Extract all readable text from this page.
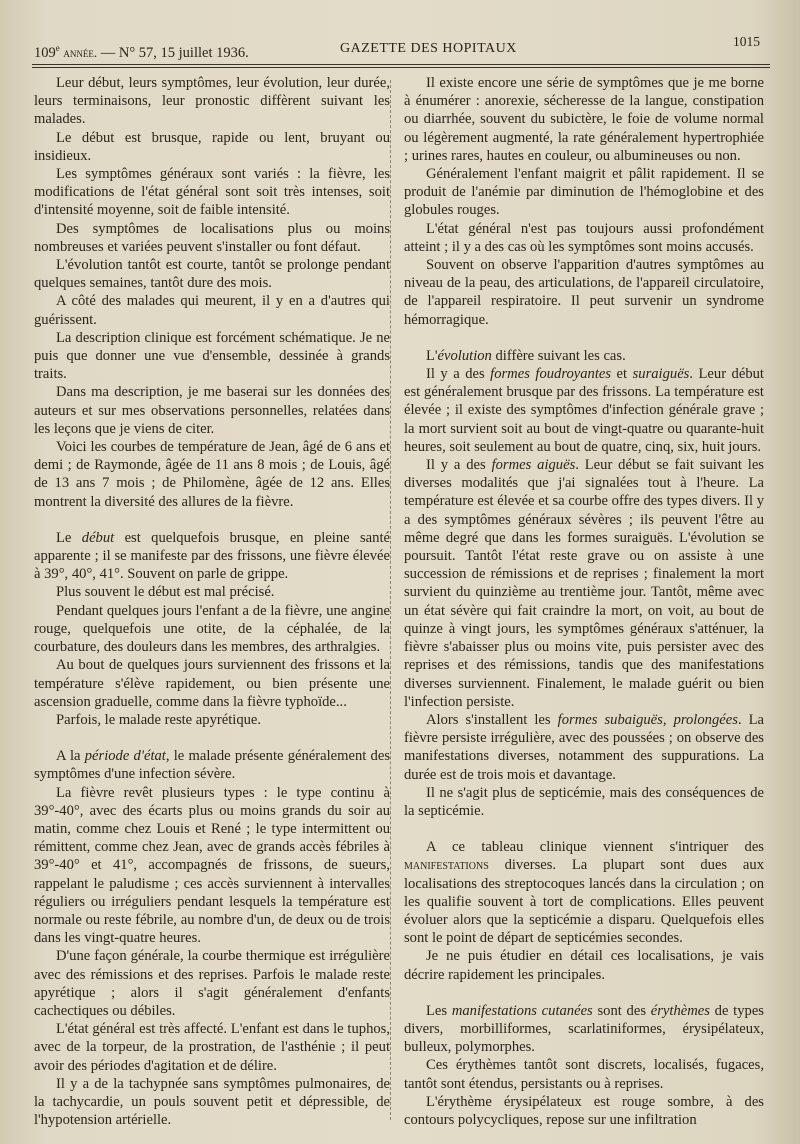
109e année. — N° 57, 15 juillet 1936.	GAZETTE DES HOPITAUX	1015

Leur début, leurs symptômes, leur évolution, leur durée, leurs terminaisons, leur pronostic diffèrent suivant les malades.

Le début est brusque, rapide ou lent, bruyant ou insidieux.

Les symptômes généraux sont variés : la fièvre, les modifications de l'état général sont soit très intenses, soit d'intensité moyenne, soit de faible intensité.

Des symptômes de localisations plus ou moins nombreuses et variées peuvent s'installer ou font défaut.

L'évolution tantôt est courte, tantôt se prolonge pendant quelques semaines, tantôt dure des mois.

A côté des malades qui meurent, il y en a d'autres qui guérissent.

La description clinique est forcément schématique. Je ne puis que donner une vue d'ensemble, dessinée à grands traits.

Dans ma description, je me baserai sur les données des auteurs et sur mes observations personnelles, relatées dans les leçons que je viens de citer.

Voici les courbes de température de Jean, âgé de 6 ans et demi ; de Raymonde, âgée de 11 ans 8 mois ; de Louis, âgé de 13 ans 7 mois ; de Philomène, âgée de 12 ans. Elles montrent la diversité des allures de la fièvre.

Le début est quelquefois brusque, en pleine santé apparente ; il se manifeste par des frissons, une fièvre élevée à 39°, 40°, 41°. Souvent on parle de grippe.

Plus souvent le début est mal précisé.

Pendant quelques jours l'enfant a de la fièvre, une angine rouge, quelquefois une otite, de la céphalée, de la courbature, des douleurs dans les membres, des arthralgies.

Au bout de quelques jours surviennent des frissons et la température s'élève rapidement, ou bien présente une ascension graduelle, comme dans la fièvre typhoïde...

Parfois, le malade reste apyrétique.

A la période d'état, le malade présente généralement des symptômes d'une infection sévère.

La fièvre revêt plusieurs types : le type continu à 39°-40°, avec des écarts plus ou moins grands du soir au matin, comme chez Louis et René ; le type intermittent ou rémittent, comme chez Jean, avec de grands accès fébriles à 39°-40° et 41°, accompagnés de frissons, de sueurs, rappelant le paludisme ; ces accès surviennent à intervalles réguliers ou irréguliers pendant lesquels la température est normale ou reste fébrile, au nombre d'un, de deux ou de trois dans les vingt-quatre heures.

D'une façon générale, la courbe thermique est irrégulière avec des rémissions et des reprises. Parfois le malade reste apyrétique ; alors il s'agit généralement d'enfants cachectiques ou débiles.

L'état général est très affecté. L'enfant est dans le tuphos, avec de la torpeur, de la prostration, de l'asthénie ; il peut avoir des périodes d'agitation et de délire.

Il y a de la tachypnée sans symptômes pulmonaires, de la tachycardie, un pouls souvent petit et dépressible, de l'hypotension artérielle.

Il existe encore une série de symptômes que je me borne à énumérer : anorexie, sécheresse de la langue, constipation ou diarrhée, souvent du subictère, le foie de volume normal ou légèrement augmenté, la rate généralement hypertrophiée ; urines rares, hautes en couleur, ou albumineuses ou non.

Généralement l'enfant maigrit et pâlit rapidement. Il se produit de l'anémie par diminution de l'hémoglobine et des globules rouges.

L'état général n'est pas toujours aussi profondément atteint ; il y a des cas où les symptômes sont moins accusés.

Souvent on observe l'apparition d'autres symptômes au niveau de la peau, des articulations, de l'appareil circulatoire, de l'appareil respiratoire. Il peut survenir un syndrome hémorragique.

L'évolution diffère suivant les cas.

Il y a des formes foudroyantes et suraiguës. Leur début est généralement brusque par des frissons. La température est élevée ; il existe des symptômes d'infection générale grave ; la mort survient soit au bout de vingt-quatre ou quarante-huit heures, soit seulement au bout de quatre, cinq, six, huit jours.

Il y a des formes aiguës. Leur début se fait suivant les diverses modalités que j'ai signalées tout à l'heure. La température est élevée et sa courbe offre des types divers. Il y a des symptômes généraux sévères ; ils peuvent l'être au même degré que dans les formes suraiguës. L'évolution se poursuit. Tantôt l'état reste grave ou on assiste à une succession de rémissions et de reprises ; finalement la mort survient du quinzième au trentième jour. Tantôt, même avec un état sévère qui fait craindre la mort, on voit, au bout de quinze à vingt jours, les symptômes généraux s'atténuer, la fièvre s'abaisser plus ou moins vite, puis persister avec des reprises et des rémissions, tandis que des manifestations diverses surviennent. Finalement, le malade guérit ou bien l'infection persiste.

Alors s'installent les formes subaiguës, prolongées. La fièvre persiste irrégulière, avec des poussées ; on observe des manifestations diverses, notamment des suppurations. La durée est de trois mois et davantage.

Il ne s'agit plus de septicémie, mais des conséquences de la septicémie.

A ce tableau clinique viennent s'intriquer des manifestations diverses. La plupart sont dues aux localisations des streptocoques lancés dans la circulation ; on les qualifie souvent à tort de complications. Elles peuvent évoluer alors que la septicémie a disparu. Quelquefois elles sont le point de départ de septicémies secondes.

Je ne puis étudier en détail ces localisations, je vais décrire rapidement les principales.

Les manifestations cutanées sont des érythèmes de types divers, morbilliformes, scarlatiniformes, érysipélateux, bulleux, polymorphes.

Ces érythèmes tantôt sont discrets, localisés, fugaces, tantôt sont étendus, persistants ou à reprises.

L'érythème érysipélateux est rouge sombre, à des contours polycycliques, repose sur une infiltration
